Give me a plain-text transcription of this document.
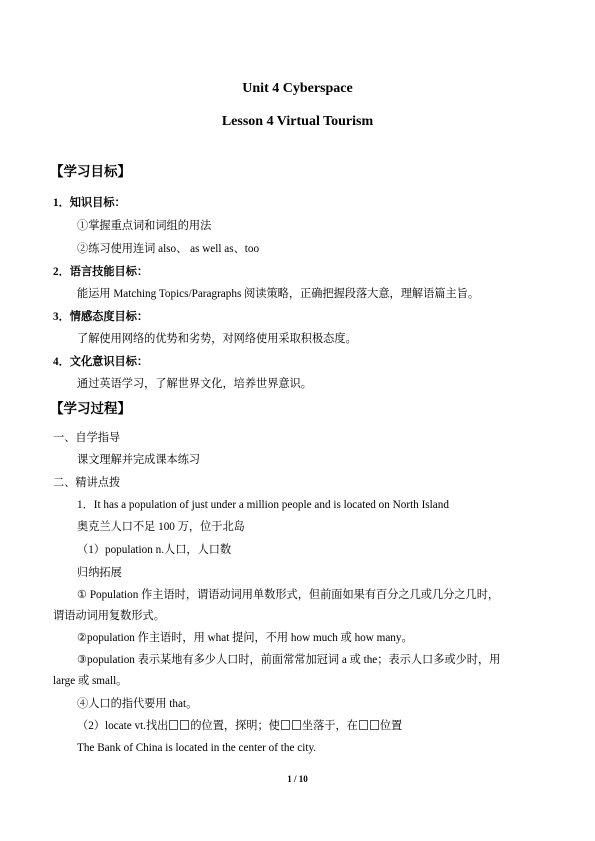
Unit 4 Cyberspace
Lesson 4 Virtual Tourism
【学习目标】
1．知识目标：
①掌握重点词和词组的用法
②练习使用连词 also、 as well as、too
2．语言技能目标：
能运用 Matching Topics/Paragraphs 阅读策略，正确把握段落大意，理解语篇主旨。
3．情感态度目标：
了解使用网络的优势和劣势，对网络使用采取积极态度。
4．文化意识目标：
通过英语学习，了解世界文化，培养世界意识。
【学习过程】
一、自学指导
课文理解并完成课本练习
二、精讲点拨
1．It has a population of just under a million people and is located on North Island
奥克兰人口不足 100 万，位于北岛
（1）population n.人口，人口数
归纳拓展
① Population 作主语时，谓语动词用单数形式，但前面如果有百分之几或几分之几时，
谓语动词用复数形式。
②population 作主语时，用 what 提问，不用 how much 或 how many。
③population 表示某地有多少人口时，前面常常加冠词 a 或 the；表示人口多或少时，用
large 或 small。
④人口的指代要用 that。
（2）locate vt.找出 的位置，探明；使 坐落于，在 位置
The Bank of China is located in the center of the city.
1 / 10
